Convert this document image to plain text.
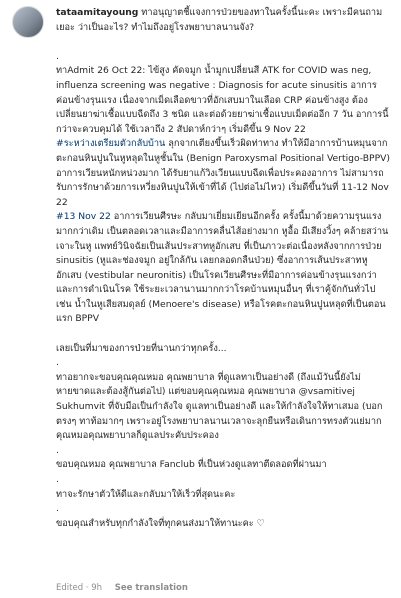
tataamitayoung ทาอนุญาตชี้แจงการป่วยของทาในครั้งนี้นะคะ เพราะมีคนถามเยอะ ว่าเป็นอะไร? ทำไมถึงอยู่โรงพยาบาลนานจัง?

.

ทาAdmit 26 Oct 22: ไข้สูง คัดจมูก น้ำมูกเปลี่ยนสี ATK for COVID was neg, influenza screening was negative : Diagnosis for acute sinusitis อาการค่อนข้างรุนแรง เนื่องจากเม็ดเลือดขาวที่อักเสบมาในเลือด CRP ค่อนข้างสูง ต้องเปลี่ยนยาฆ่าเชื้อแบบฉีดถึง 3 ชนิด และต่อด้วยยาฆ่าเชื้อแบบเม็ดต่ออีก 7 วัน อาการนี้กว่าจะควบคุมได้ ใช้เวลาถึง 2 สัปดาห์กว่าๆ เริ่มดีขึ้น 9 Nov 22

#ระหว่างเตรียมตัวกลับบ้าน ลุกจากเตียงขึ้นเร็วผิดท่าทาง ทำให้มีอาการบ้านหมุนจากตะกอนหินปูนในหูหลุดในหูชั้นใน (Benign Paroxysmal Positional Vertigo-BPPV) อาการเวียนหนักหน่วงมาก ได้รับยาแก้วิงเวียนแบบฉีดเพื่อประคองอาการ ไม่สามารถรับการรักษาด้วยการเหวี่ยงหินปูนให้เข้าที่ได้ (ไปต่อไม่ไหว) เริ่มดีขึ้นวันที่ 11-12 Nov 22

#13 Nov 22 อาการเวียนศีรษะ กลับมาเยี่ยมเยียนอีกครั้ง ครั้งนี้มาด้วยความรุนแรงมากกว่าเดิม เป็นตลอดเวลาและมีอาการคลื่นไส้อย่างมาก หูอื้อ มีเสียงวิ้งๆ คล้ายสว่านเจาะในหู แพทย์วินิจฉัยเป็นเส้นประสาทหูอักเสบ ที่เป็นภาวะต่อเนื่องหลังจากการป่วย sinusitis (หูและช่องจมูก อยู่ใกล้กัน เลยกลอดกลืนป่วย) ซึ่งอาการเส้นประสาทหูอักเสบ (vestibular neuronitis) เป็นโรคเวียนศีรษะที่มีอาการค่อนข้างรุนแรงกว่าและการดำเนินโรค ใช้ระยะเวลานานมากกว่าโรคบ้านหมุนอื่นๆ ที่เราคู้จักกันทั่วไป เช่น น้ำในหูเสียสมดุลย์ (Menoere's disease) หรือโรคตะกอนหินปูนหลุดที่เป็นตอนแรก BPPV

เลยเป็นที่มาของการป่วยที่นานกว่าทุกครั้ง...

.

ทาอยากจะขอบคุณคุณหมอ คุณพยาบาล ที่ดูแลทาเป็นอย่างดี (ถึงแม้วันนี้ยังไม่ หายขาดและต้องสู้กันต่อไป) แต่ขอบคุณคุณหมอ คุณพยาบาล @vsamitivej Sukhumvit ที่จับมือเป็นกำลังใจ ดูแลทาเป็นอย่างดี และให้กำลังใจให้ทาเสมอ (บอกตรงๆ ทาท้อมากๆ เพราะอยู่โรงพยาบาลนานเวลาจะลุกยืนหรือเดินการทรงตัวแย่มาก คุณหมอคุณพยาบาลก็ดูแลประคับประคอง

.

ขอบคุณหมอ คุณพยาบาล Fanclub ที่เป็นห่วงดูแลทาตีดลอดที่ผ่านมา

.

ทาจะรักษาตัวให้ดีและกลับมาให้เร็วที่สุดนะคะ

.

ขอบคุณสำหรับทุกกำลังใจที่ทุกคนส่งมาให้ทานะคะ ♡

Edited · 9h See translation
